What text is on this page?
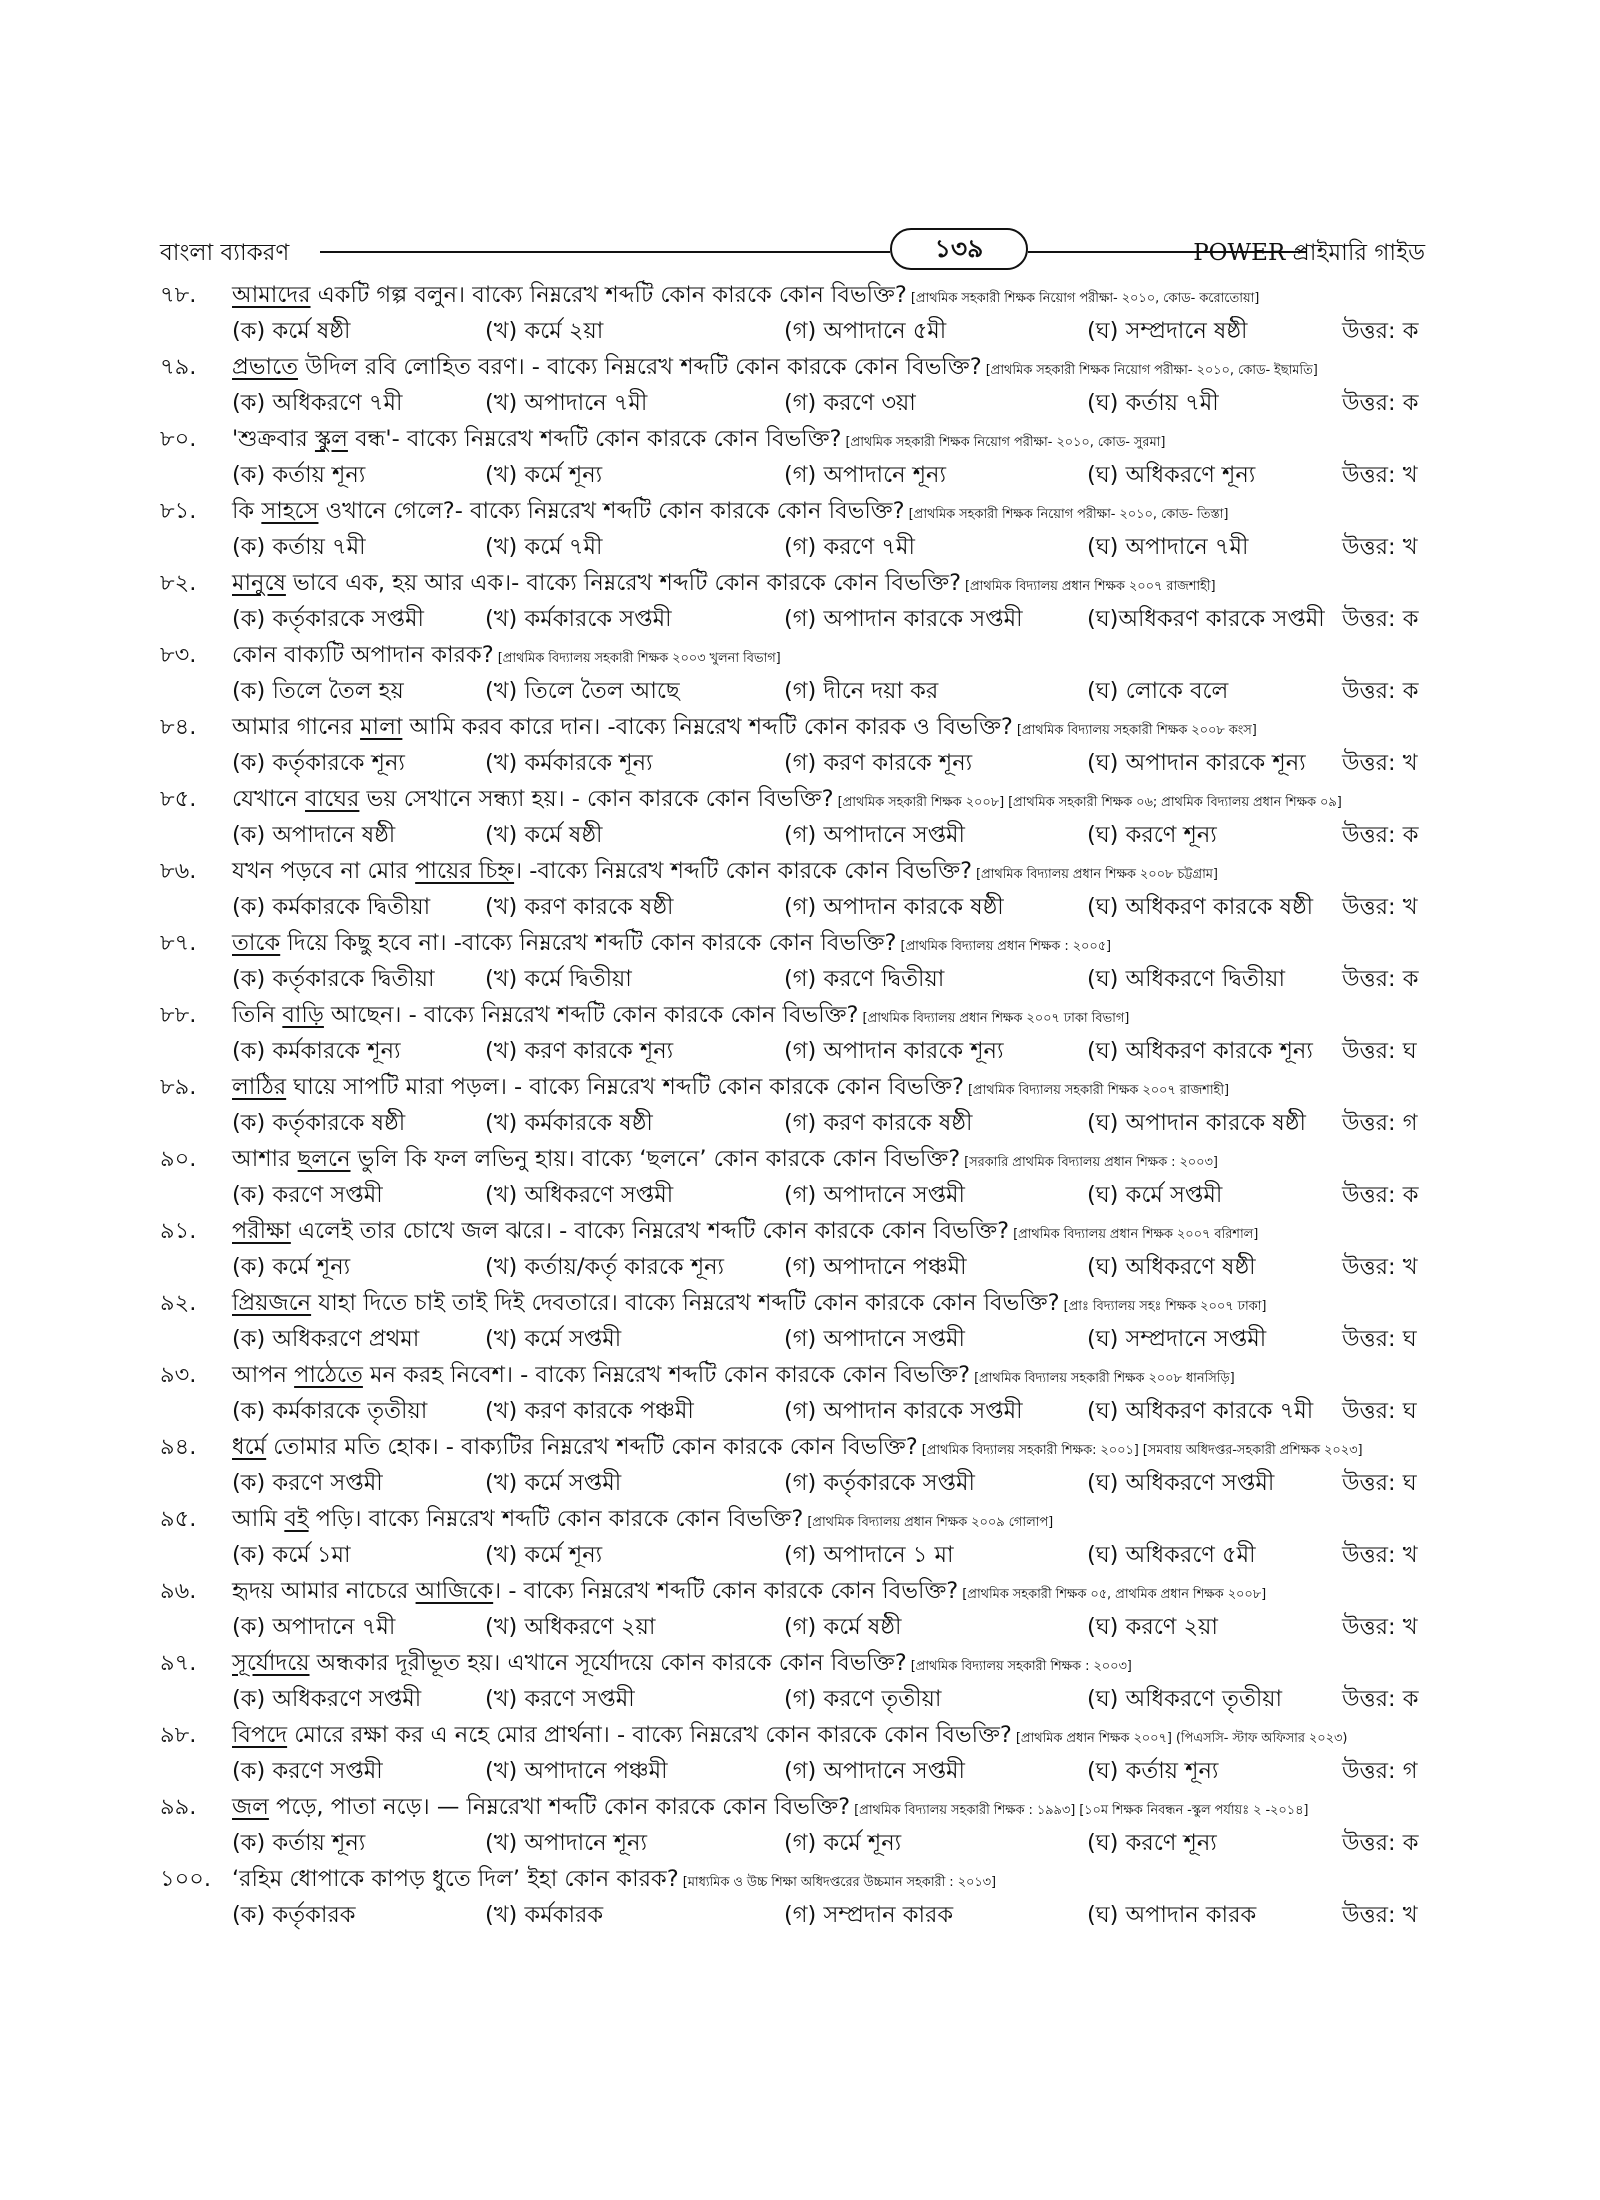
বাংলা ব্যাকরণ	১৩৯	POWER প্রাইমারি গাইড
৭৮. আমাদের একটি গল্প বলুন। বাক্যে নিম্নরেখ শব্দটি কোন কারকে কোন বিভক্তি? [প্রাথমিক সহকারী শিক্ষক নিয়োগ পরীক্ষা- ২০১০, কোড- করোতোয়া]
(ক) কর্মে ষষ্ঠী	(খ) কর্মে ২য়া	(গ) অপাদানে ৫মী	(ঘ) সম্প্রদানে ষষ্ঠী	উত্তর: ক
৭৯. প্রভাতে উদিল রবি লোহিত বরণ। - বাক্যে নিম্নরেখ শব্দটি কোন কারকে কোন বিভক্তি? [প্রাথমিক সহকারী শিক্ষক নিয়োগ পরীক্ষা- ২০১০, কোড- ইছামতি]
(ক) অধিকরণে ৭মী	(খ) অপাদানে ৭মী	(গ) করণে ৩য়া	(ঘ) কর্তায় ৭মী	উত্তর: ক
৮০. 'শুক্রবার স্কুল বন্ধ'- বাক্যে নিম্নরেখ শব্দটি কোন কারকে কোন বিভক্তি? [প্রাথমিক সহকারী শিক্ষক নিয়োগ পরীক্ষা- ২০১০, কোড- সুরমা]
(ক) কর্তায় শূন্য	(খ) কর্মে শূন্য	(গ) অপাদানে শূন্য	(ঘ) অধিকরণে শূন্য	উত্তর: খ
৮১. কি সাহসে ওখানে গেলে?- বাক্যে নিম্নরেখ শব্দটি কোন কারকে কোন বিভক্তি? [প্রাথমিক সহকারী শিক্ষক নিয়োগ পরীক্ষা- ২০১০, কোড- তিস্তা]
(ক) কর্তায় ৭মী	(খ) কর্মে ৭মী	(গ) করণে ৭মী	(ঘ) অপাদানে ৭মী	উত্তর: খ
৮২. মানুষে ভাবে এক, হয় আর এক।- বাক্যে নিম্নরেখ শব্দটি কোন কারকে কোন বিভক্তি? [প্রাথমিক বিদ্যালয় প্রধান শিক্ষক ২০০৭ রাজশাহী]
(ক) কর্তৃকারকে সপ্তমী	(খ) কর্মকারকে সপ্তমী	(গ) অপাদান কারকে সপ্তমী	(ঘ)অধিকরণ কারকে সপ্তমী উত্তর: ক
৮৩. কোন বাক্যটি অপাদান কারক? [প্রাথমিক বিদ্যালয় সহকারী শিক্ষক ২০০৩ খুলনা বিভাগ]
(ক) তিলে তৈল হয়	(খ) তিলে তৈল আছে	(গ) দীনে দয়া কর	(ঘ) লোকে বলে	উত্তর: ক
৮৪. আমার গানের মালা আমি করব কারে দান। -বাক্যে নিম্নরেখ শব্দটি কোন কারক ও বিভক্তি? [প্রাথমিক বিদ্যালয় সহকারী শিক্ষক ২০০৮ কংস]
(ক) কর্তৃকারকে শূন্য	(খ) কর্মকারকে শূন্য	(গ) করণ কারকে শূন্য	(ঘ) অপাদান কারকে শূন্য উত্তর: খ
৮৫. যেখানে বাঘের ভয় সেখানে সন্ধ্যা হয়। - কোন কারকে কোন বিভক্তি? [প্রাথমিক সহকারী শিক্ষক ২০০৮] [প্রাথমিক সহকারী শিক্ষক ০৬; প্রাথমিক বিদ্যালয় প্রধান শিক্ষক ০৯]
(ক) অপাদানে ষষ্ঠী	(খ) কর্মে ষষ্ঠী	(গ) অপাদানে সপ্তমী	(ঘ) করণে শূন্য	উত্তর: ক
৮৬. যখন পড়বে না মোর পায়ের চিহ্ন। -বাক্যে নিম্নরেখ শব্দটি কোন কারকে কোন বিভক্তি? [প্রাথমিক বিদ্যালয় প্রধান শিক্ষক ২০০৮ চট্টগ্রাম]
(ক) কর্মকারকে দ্বিতীয়া (খ) করণ কারকে ষষ্ঠী	(গ) অপাদান কারকে ষষ্ঠী	(ঘ) অধিকরণ কারকে ষষ্ঠী উত্তর: খ
৮৭. তাকে দিয়ে কিছু হবে না। -বাক্যে নিম্নরেখ শব্দটি কোন কারকে কোন বিভক্তি? [প্রাথমিক বিদ্যালয় প্রধান শিক্ষক : ২০০৫]
(ক) কর্তৃকারকে দ্বিতীয়া (খ) কর্মে দ্বিতীয়া	(গ) করণে দ্বিতীয়া	(ঘ) অধিকরণে দ্বিতীয়া	উত্তর: ক
৮৮. তিনি বাড়ি আছেন। - বাক্যে নিম্নরেখ শব্দটি কোন কারকে কোন বিভক্তি? [প্রাথমিক বিদ্যালয় প্রধান শিক্ষক ২০০৭ ঢাকা বিভাগ]
(ক) কর্মকারকে শূন্য	(খ) করণ কারকে শূন্য	(গ) অপাদান কারকে শূন্য	(ঘ) অধিকরণ কারকে শূন্য উত্তর: ঘ
৮৯. লাঠির ঘায়ে সাপটি মারা পড়ল। - বাক্যে নিম্নরেখ শব্দটি কোন কারকে কোন বিভক্তি? [প্রাথমিক বিদ্যালয় সহকারী শিক্ষক ২০০৭ রাজশাহী]
(ক) কর্তৃকারকে ষষ্ঠী	(খ) কর্মকারকে ষষ্ঠী	(গ) করণ কারকে ষষ্ঠী	(ঘ) অপাদান কারকে ষষ্ঠী উত্তর: গ
৯০. আশার ছলনে ভুলি কি ফল লভিনু হায়। বাক্যে ‘ছলনে’ কোন কারকে কোন বিভক্তি? [সরকারি প্রাথমিক বিদ্যালয় প্রধান শিক্ষক : ২০০৩]
(ক) করণে সপ্তমী	(খ) অধিকরণে সপ্তমী	(গ) অপাদানে সপ্তমী	(ঘ) কর্মে সপ্তমী	উত্তর: ক
৯১. পরীক্ষা এলেই তার চোখে জল ঝরে। - বাক্যে নিম্নরেখ শব্দটি কোন কারকে কোন বিভক্তি? [প্রাথমিক বিদ্যালয় প্রধান শিক্ষক ২০০৭ বরিশাল]
(ক) কর্মে শূন্য	(খ) কর্তায়/কর্তৃ কারকে শূন্য	(গ) অপাদানে পঞ্চমী	(ঘ) অধিকরণে ষষ্ঠী	উত্তর: খ
৯২. প্রিয়জনে যাহা দিতে চাই তাই দিই দেবতারে। বাক্যে নিম্নরেখ শব্দটি কোন কারকে কোন বিভক্তি? [প্রাঃ বিদ্যালয় সহঃ শিক্ষক ২০০৭ ঢাকা]
(ক) অধিকরণে প্রথমা	(খ) কর্মে সপ্তমী	(গ) অপাদানে সপ্তমী	(ঘ) সম্প্রদানে সপ্তমী	উত্তর: ঘ
৯৩. আপন পাঠেতে মন করহ নিবেশ। - বাক্যে নিম্নরেখ শব্দটি কোন কারকে কোন বিভক্তি? [প্রাথমিক বিদ্যালয় সহকারী শিক্ষক ২০০৮ ধানসিড়ি]
(ক) কর্মকারকে তৃতীয়া	(খ) করণ কারকে পঞ্চমী	(গ) অপাদান কারকে সপ্তমী	(ঘ) অধিকরণ কারকে ৭মী উত্তর: ঘ
৯৪. ধর্মে তোমার মতি হোক। - বাক্যটির নিম্নরেখ শব্দটি কোন কারকে কোন বিভক্তি? [প্রাথমিক বিদ্যালয় সহকারী শিক্ষক: ২০০১] [সমবায় অধিদপ্তর-সহকারী প্রশিক্ষক ২০২৩]
(ক) করণে সপ্তমী	(খ) কর্মে সপ্তমী	(গ) কর্তৃকারকে সপ্তমী	(ঘ) অধিকরণে সপ্তমী	উত্তর: ঘ
৯৫. আমি বই পড়ি। বাক্যে নিম্নরেখ শব্দটি কোন কারকে কোন বিভক্তি? [প্রাথমিক বিদ্যালয় প্রধান শিক্ষক ২০০৯ গোলাপ]
(ক) কর্মে ১মা	(খ) কর্মে শূন্য	(গ) অপাদানে ১ মা	(ঘ) অধিকরণে ৫মী	উত্তর: খ
৯৬. হৃদয় আমার নাচেরে আজিকে। - বাক্যে নিম্নরেখ শব্দটি কোন কারকে কোন বিভক্তি? [প্রাথমিক সহকারী শিক্ষক ০৫, প্রাথমিক প্রধান শিক্ষক ২০০৮]
(ক) অপাদানে ৭মী	(খ) অধিকরণে ২য়া	(গ) কর্মে ষষ্ঠী	(ঘ) করণে ২য়া	উত্তর: খ
৯৭. সূর্যোদয়ে অন্ধকার দূরীভূত হয়। এখানে সূর্যোদয়ে কোন কারকে কোন বিভক্তি? [প্রাথমিক বিদ্যালয় সহকারী শিক্ষক : ২০০৩]
(ক) অধিকরণে সপ্তমী	(খ) করণে সপ্তমী	(গ) করণে তৃতীয়া	(ঘ) অধিকরণে তৃতীয়া	উত্তর: ক
৯৮. বিপদে মোরে রক্ষা কর এ নহে মোর প্রার্থনা। - বাক্যে নিম্নরেখ কোন কারকে কোন বিভক্তি? [প্রাথমিক প্রধান শিক্ষক ২০০৭] (পিএসসি- স্টাফ অফিসার ২০২৩)
(ক) করণে সপ্তমী	(খ) অপাদানে পঞ্চমী	(গ) অপাদানে সপ্তমী	(ঘ) কর্তায় শূন্য	উত্তর: গ
৯৯. জল পড়ে, পাতা নড়ে। — নিম্নরেখা শব্দটি কোন কারকে কোন বিভক্তি? [প্রাথমিক বিদ্যালয় সহকারী শিক্ষক : ১৯৯৩] [১০ম শিক্ষক নিবন্ধন -স্কুল পর্যায়ঃ ২ -২০১৪]
(ক) কর্তায় শূন্য	(খ) অপাদানে শূন্য	(গ) কর্মে শূন্য	(ঘ) করণে শূন্য	উত্তর: ক
১০০. ‘রহিম ধোপাকে কাপড় ধুতে দিল’ ইহা কোন কারক? [মাধ্যমিক ও উচ্চ শিক্ষা অধিদপ্তরের উচ্চমান সহকারী : ২০১৩]
(ক) কর্তৃকারক	(খ) কর্মকারক	(গ) সম্প্রদান কারক	(ঘ) অপাদান কারক	উত্তর: খ
